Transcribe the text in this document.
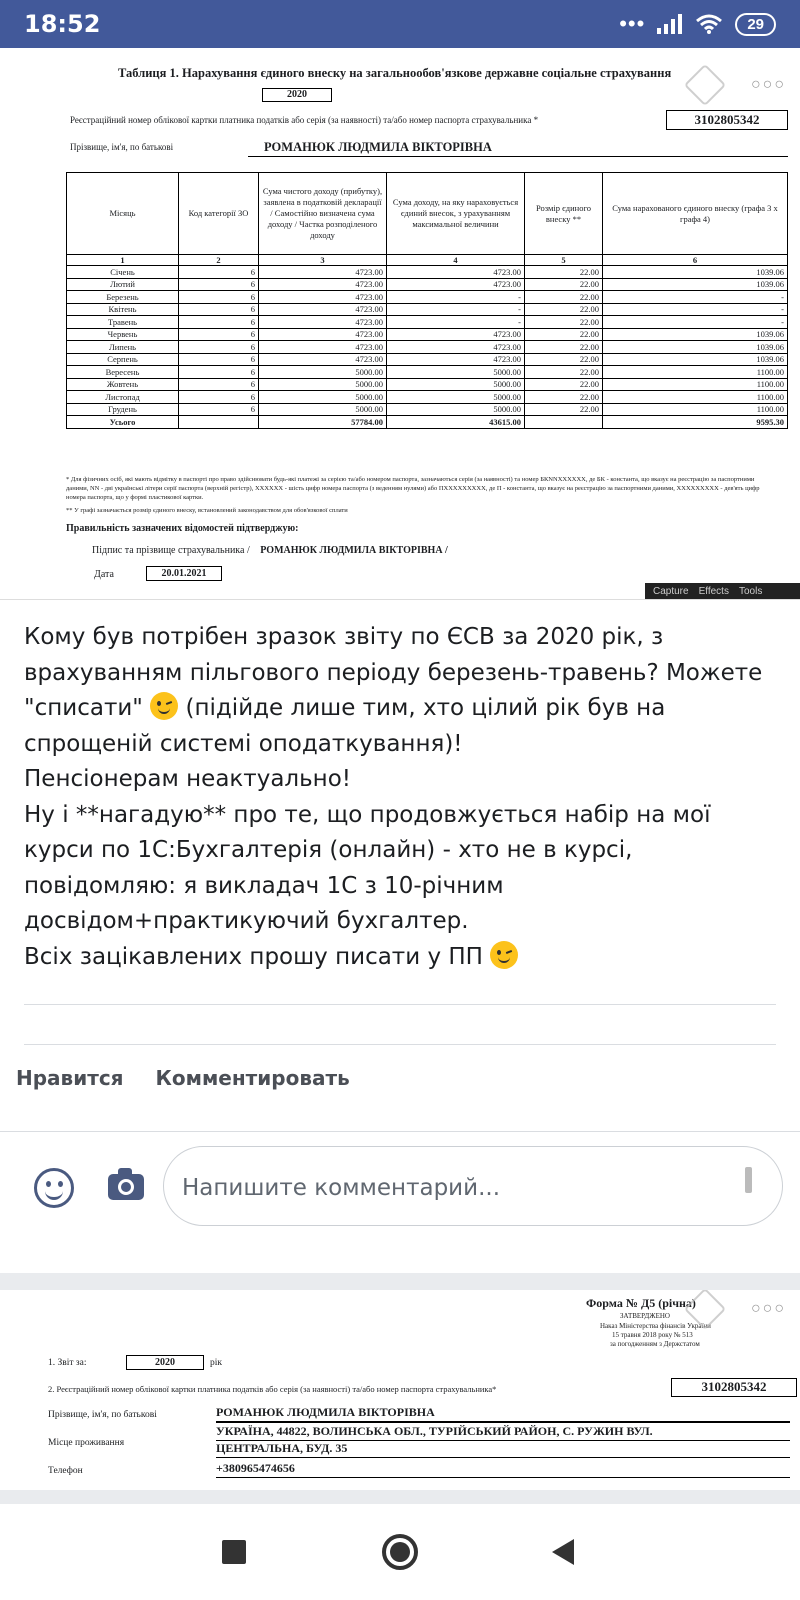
18:52	•••	29
Таблиця 1. Нарахування єдиного внеску на загальнообов'язкове державне соціальне страхування
○○○
2020
Реєстраційний номер облікової картки платника податків або серія (за наявності) та/або номер паспорта страхувальника *	3102805342
Прізвище, ім'я, по батькові	РОМАНЮК ЛЮДМИЛА ВІКТОРІВНА
Місяць	Код категорії ЗО	Сума чистого доходу (прибутку), заявлена в податковій декларації / Самостійно визначена сума доходу / Частка розподіленого доходу	Сума доходу, на яку нараховується єдиний внесок, з урахуванням максимальної величини	Розмір єдиного внеску **	Сума нарахованого єдиного внеску (графа 3 х графа 4)
1	2	3	4	5	6
Січень	6	4723.00	4723.00	22.00	1039.06
Лютий	6	4723.00	4723.00	22.00	1039.06
Березень	6	4723.00	-	22.00	-
Квітень	6	4723.00	-	22.00	-
Травень	6	4723.00	-	22.00	-
Червень	6	4723.00	4723.00	22.00	1039.06
Липень	6	4723.00	4723.00	22.00	1039.06
Серпень	6	4723.00	4723.00	22.00	1039.06
Вересень	6	5000.00	5000.00	22.00	1100.00
Жовтень	6	5000.00	5000.00	22.00	1100.00
Листопад	6	5000.00	5000.00	22.00	1100.00
Грудень	6	5000.00	5000.00	22.00	1100.00
Усього		57784.00	43615.00		9595.30
* Для фізичних осіб, які мають відмітку в паспорті про право здійснювати будь-які платежі за серією та/або номером паспорта, зазначаються серія (за наявності) та номер БКNNXXXXXX, де БК - константа, що вказує на реєстрацію за паспортними даними, NN - дві українські літери серії паспорта (верхній регістр), XXXXXX - шість цифр номера паспорта (з веденням нулями) або ПХХХХХХХХХ, де П - константа, що вказує на реєстрацію за паспортними даними, ХХХХХХХХХ - дев'ять цифр номера паспорта, що у формі пластикової картки.
** У графі зазначається розмір єдиного внеску, встановлений законодавством для обов'язкової сплати
Правильність зазначених відомостей підтверджую:
Підпис та прізвище страхувальника / РОМАНЮК ЛЮДМИЛА ВІКТОРІВНА /
Дата	20.01.2021
Capture Effects Tools
Кому був потрібен зразок звіту по ЄСВ за 2020 рік, з врахуванням пільгового періоду березень-травень? Можете "списати" (підійде лише тим, хто цілий рік був на спрощеній системі оподаткування)!
Пенсіонерам неактуально!
Ну і **нагадую** про те, що продовжується набір на мої курси по 1С:Бухгалтерія (онлайн) - хто не в курсі, повідомляю: я викладач 1С з 10-річним досвідом+практикуючий бухгалтер.
Всіх зацікавлених прошу писати у ПП
Нравится Комментировать
Напишите комментарий...
Форма № Д5 (річна)
ЗАТВЕРДЖЕНО
Наказ Міністерства фінансів України
15 травня 2018 року № 513
за погодженням з Держстатом
○○○
1. Звіт за:	2020	рік
2. Реєстраційний номер облікової картки платника податків або серія (за наявності) та/або номер паспорта страхувальника*	3102805342
Прізвище, ім'я, по батькові	РОМАНЮК ЛЮДМИЛА ВІКТОРІВНА
Місце проживання
УКРАЇНА, 44822, ВОЛИНСЬКА ОБЛ., ТУРІЙСЬКИЙ РАЙОН, С. РУЖИН ВУЛ.
ЦЕНТРАЛЬНА, БУД. 35
Телефон	+380965474656
